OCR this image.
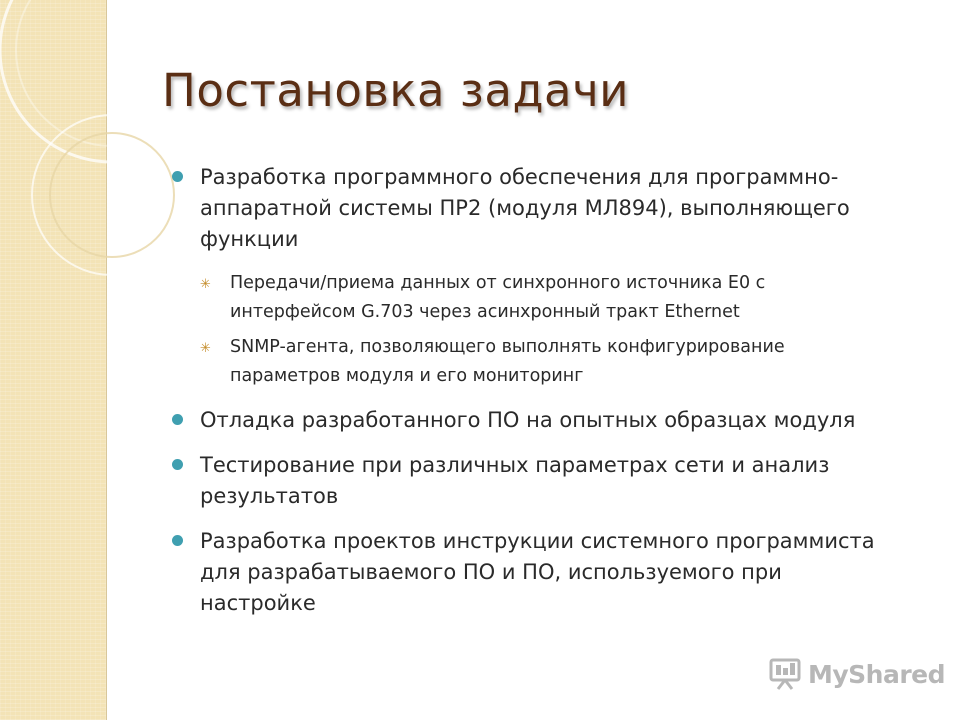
Постановка задачи
Разработка программного обеспечения для программно-аппаратной системы ПР2 (модуля МЛ894), выполняющего функции
✳ Передачи/приема данных от синхронного источника Е0 с интерфейсом G.703 через асинхронный тракт Ethernet
✳ SNMP-агента, позволяющего выполнять конфигурирование параметров модуля и его мониторинг
Отладка разработанного ПО на опытных образцах модуля
Тестирование при различных параметрах сети и анализ результатов
Разработка проектов инструкции системного программиста для разрабатываемого ПО и ПО, используемого при настройке
MyShared
